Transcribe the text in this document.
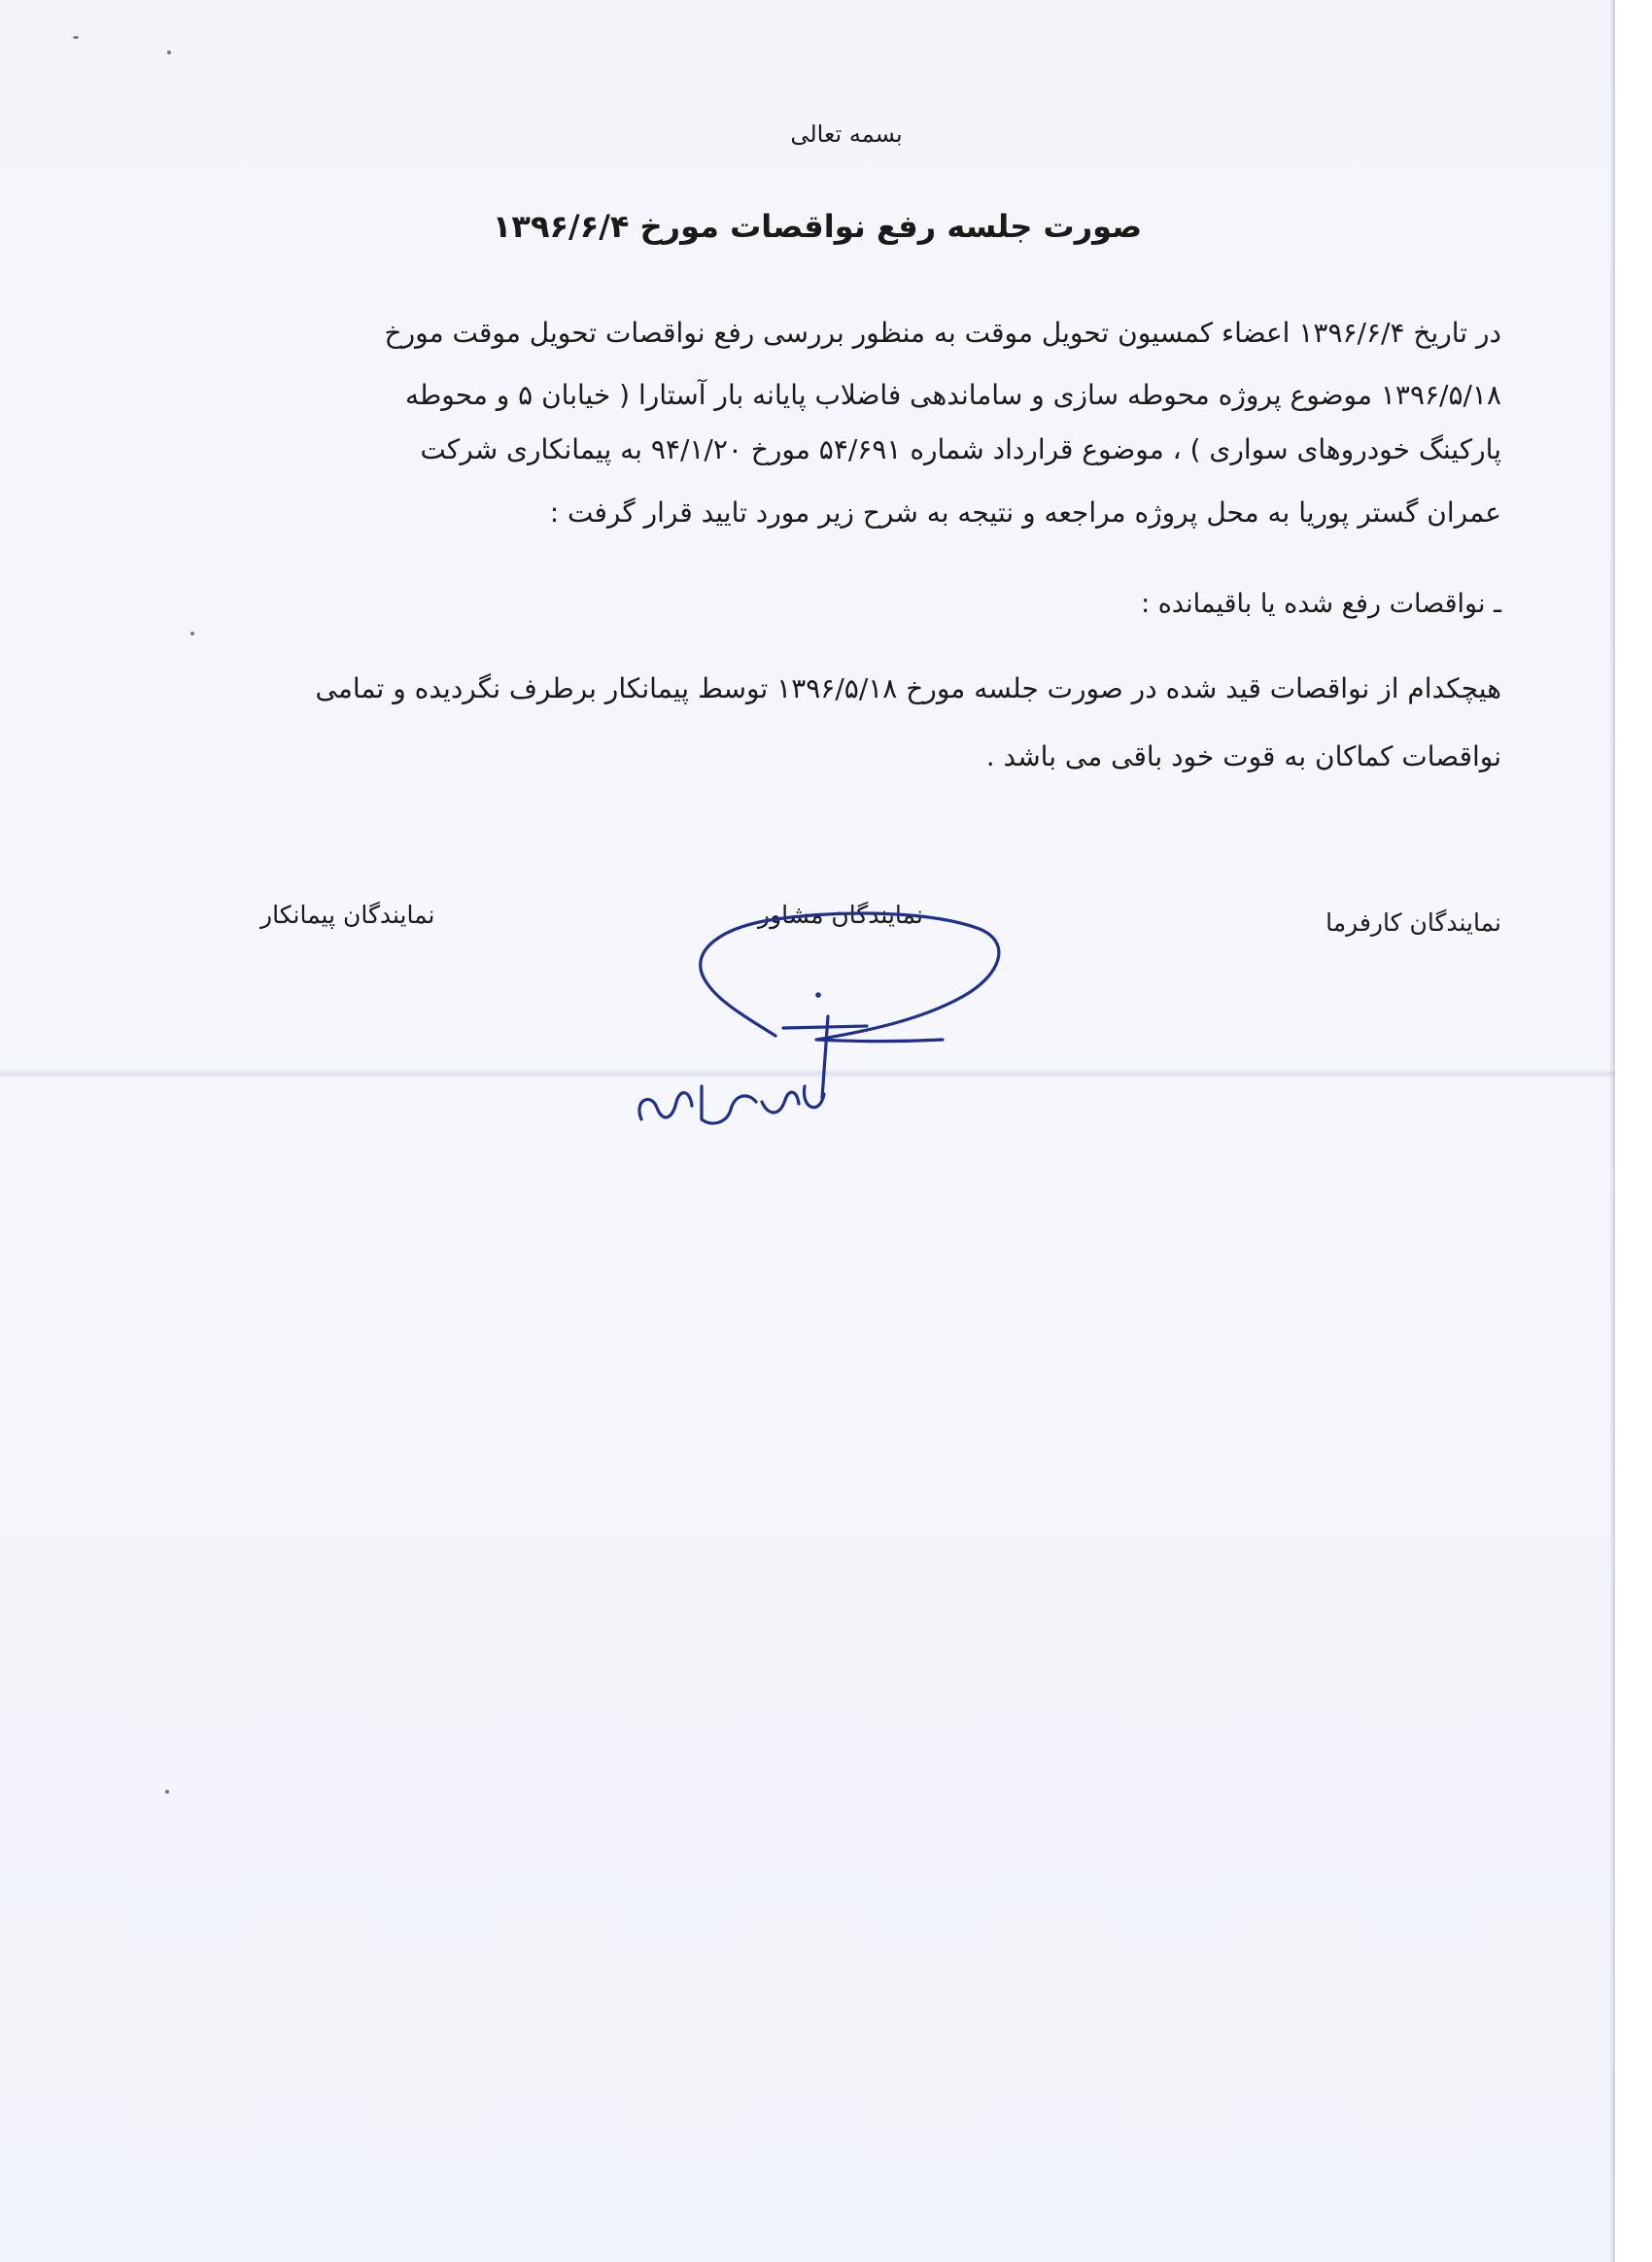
بسمه تعالی
صورت جلسه رفع نواقصات مورخ ۱۳۹۶/۶/۴
در تاریخ ۱۳۹۶/۶/۴ اعضاء کمسیون تحویل موقت به منظور بررسی رفع نواقصات تحویل موقت مورخ
۱۳۹۶/۵/۱۸ موضوع پروژه محوطه سازی و ساماندهی فاضلاب پایانه بار آستارا ( خیابان ۵ و محوطه
پارکینگ خودروهای سواری ) ، موضوع قرارداد شماره ۵۴/۶۹۱ مورخ ۹۴/۱/۲۰ به پیمانکاری شرکت
عمران گستر پوریا به محل پروژه مراجعه و نتیجه به شرح زیر مورد تایید قرار گرفت :
ـ نواقصات رفع شده یا باقیمانده :
هیچکدام از نواقصات قید شده در صورت جلسه مورخ ۱۳۹۶/۵/۱۸ توسط پیمانکار برطرف نگردیده و تمامی
نواقصات کماکان به قوت خود باقی می باشد .
نمایندگان کارفرما
نمایندگان مشاور
نمایندگان پیمانکار
